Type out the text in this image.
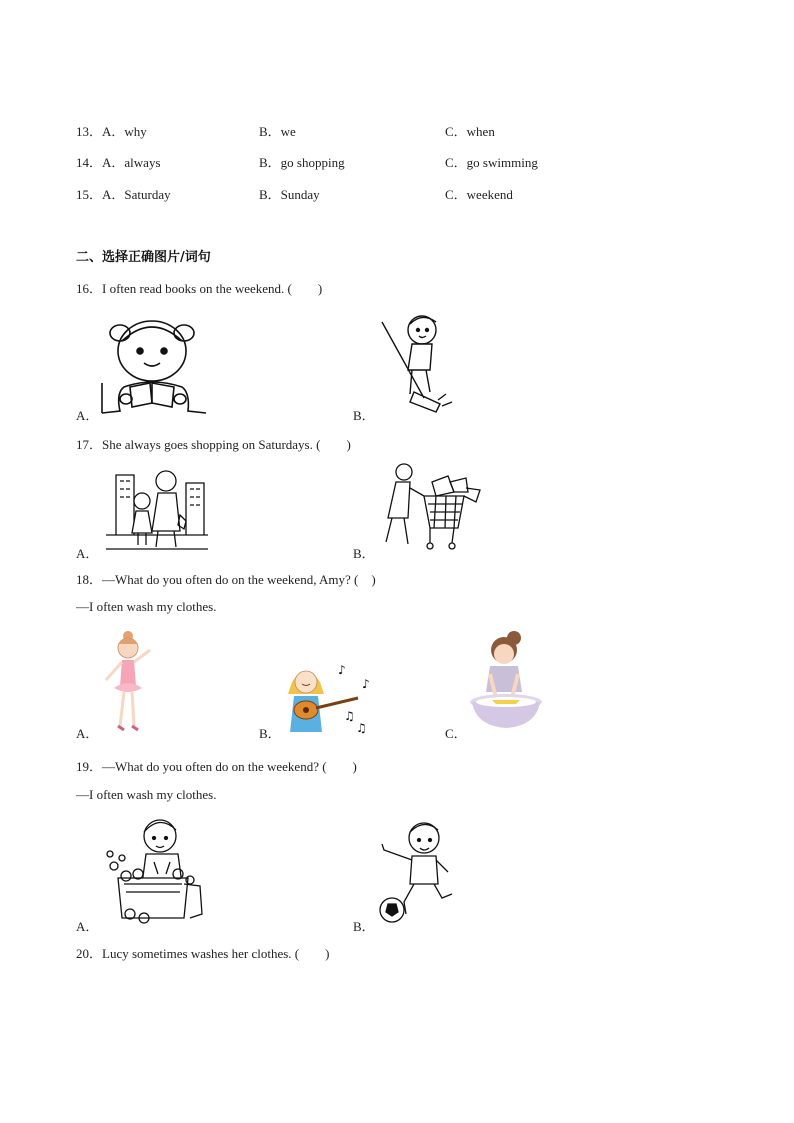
13．A．why	B．we	C．when
14．A．always	B．go shopping	C．go swimming
15．A．Saturday	B．Sunday	C．weekend
二、选择正确图片/词句
16．I often read books on the weekend. (　　)
A．	B．
17．She always goes shopping on Saturdays. (　　)
A．	B．
18．—What do you often do on the weekend, Amy? (　)
—I often wash my clothes.
A．
♪
♪
♫
♫
B．	C．
19．—What do you often do on the weekend? (　　)
—I often wash my clothes.
A．	B．
20．Lucy sometimes washes her clothes. (　　)
